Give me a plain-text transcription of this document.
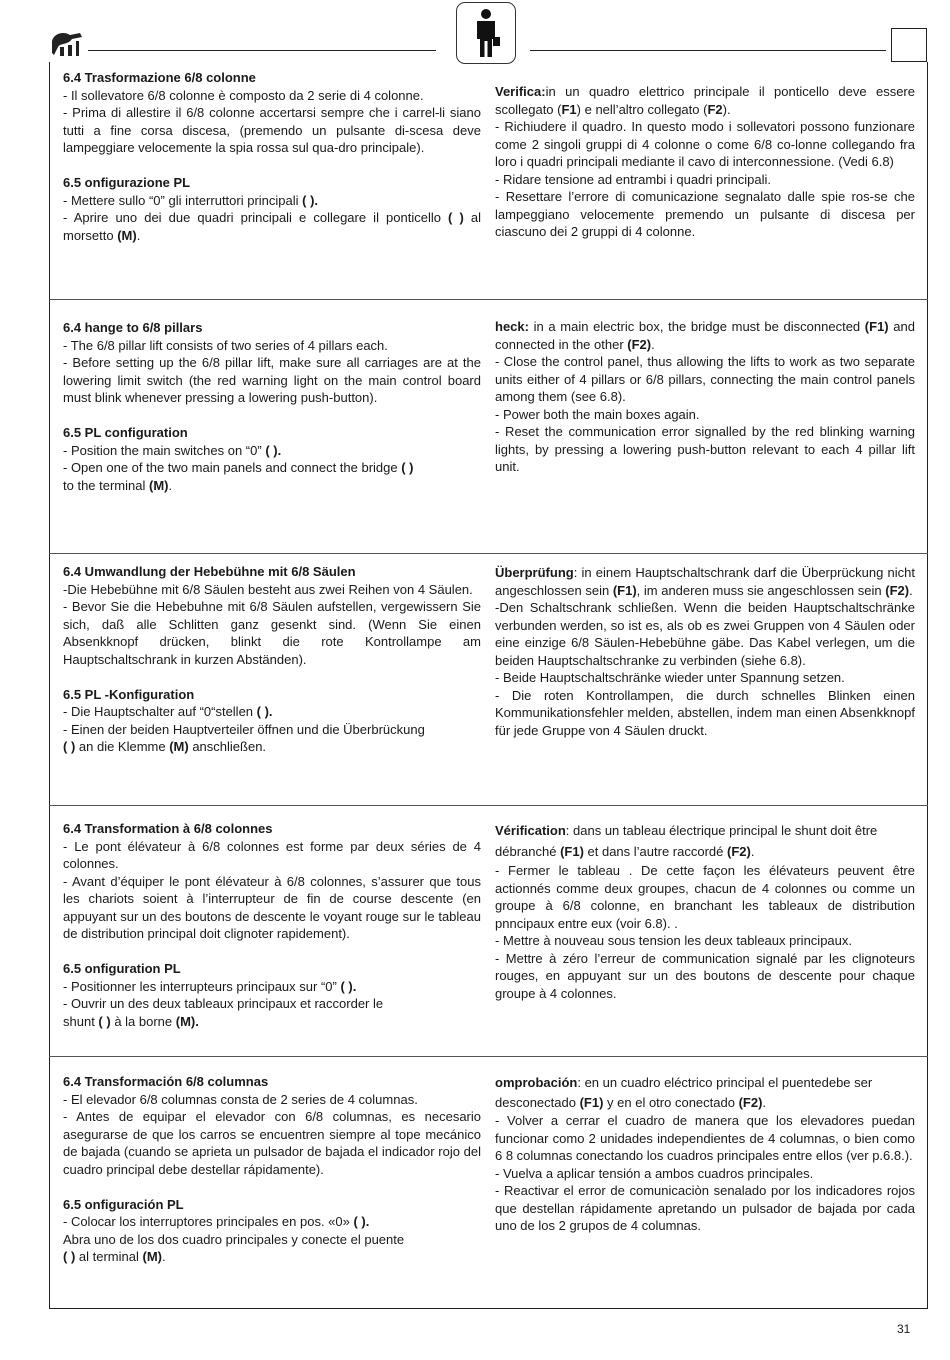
6.4 Trasformazione 6/8 colonne

- Il sollevatore 6/8 colonne è composto da 2 serie di 4 colonne.

- Prima di allestire il 6/8 colonne accertarsi sempre che i carrel-li siano tutti a fine corsa discesa, (premendo un pulsante di-scesa deve lampeggiare velocemente la spia rossa sul qua-dro principale).

6.5 onfigurazione PL

- Mettere sullo “0” gli interruttori principali ( ).

- Aprire uno dei due quadri principali e collegare il ponticello ( ) al morsetto (M).

Verifica:in un quadro elettrico principale il ponticello deve essere scollegato (F1) e nell’altro collegato (F2).

- Richiudere il quadro. In questo modo i sollevatori possono funzionare come 2 singoli gruppi di 4 colonne o come 6/8 co-lonne collegando fra loro i quadri principali mediante il cavo di interconnessione. (Vedi 6.8)

- Ridare tensione ad entrambi i quadri principali.

- Resettare l’errore di comunicazione segnalato dalle spie ros-se che lampeggiano velocemente premendo un pulsante di discesa per ciascuno dei 2 gruppi di 4 colonne.

6.4 hange to 6/8 pillars

- The 6/8 pillar lift consists of two series of 4 pillars each.

- Before setting up the 6/8 pillar lift, make sure all carriages are at the lowering limit switch (the red warning light on the main control board must blink whenever pressing a lowering push-button).

6.5 PL configuration

- Position the main switches on “0” ( ).

- Open one of the two main panels and connect the bridge ( )
to the terminal (M).

heck: in a main electric box, the bridge must be disconnected (F1) and connected in the other (F2).

- Close the control panel, thus allowing the lifts to work as two separate units either of 4 pillars or 6/8 pillars, connecting the main control panels among them (see 6.8).

- Power both the main boxes again.

- Reset the communication error signalled by the red blinking warning lights, by pressing a lowering push-button relevant to each 4 pillar lift unit.

6.4 Umwandlung der Hebebühne mit 6/8 Säulen

-Die Hebebühne mit 6/8 Säulen besteht aus zwei Reihen von 4 Säulen.

- Bevor Sie die Hebebuhne mit 6/8 Säulen aufstellen, vergewissern Sie sich, daß alle Schlitten ganz gesenkt sind. (Wenn Sie einen Absenkknopf drücken, blinkt die rote Kontrollampe am Hauptschaltschrank in kurzen Abständen).

6.5 PL -Konfiguration

- Die Hauptschalter auf “0“stellen ( ).

- Einen der beiden Hauptverteiler öffnen und die Überbrückung
( ) an die Klemme (M) anschließen.

Überprüfung: in einem Hauptschaltschrank darf die Überprückung nicht angeschlossen sein (F1), im anderen muss sie angeschlossen sein (F2).

-Den Schaltschrank schließen. Wenn die beiden Hauptschaltschränke verbunden werden, so ist es, als ob es zwei Gruppen von 4 Säulen oder eine einzige 6/8 Säulen-Hebebühne gäbe. Das Kabel verlegen, um die beiden Hauptschaltschranke zu verbinden (siehe 6.8).

- Beide Hauptschaltschränke wieder unter Spannung setzen.

- Die roten Kontrollampen, die durch schnelles Blinken einen Kommunikationsfehler melden, abstellen, indem man einen Absenkknopf für jede Gruppe von 4 Säulen druckt.

6.4 Transformation à 6/8 colonnes

- Le pont élévateur à 6/8 colonnes est forme par deux séries de 4 colonnes.

- Avant d’équiper le pont élévateur à 6/8 colonnes, s’assurer que tous les chariots soient à l’interrupteur de fin de course descente (en appuyant sur un des boutons de descente le voyant rouge sur le tableau de distribution principal doit clignoter rapidement).

6.5 onfiguration PL

- Positionner les interrupteurs principaux sur “0” ( ).

- Ouvrir un des deux tableaux principaux et raccorder le
shunt ( ) à la borne (M).

Vérification: dans un tableau électrique principal le shunt doit être débranché (F1) et dans l’autre raccordé (F2).

- Fermer le tableau . De cette façon les élévateurs peuvent être actionnés comme deux groupes, chacun de 4 colonnes ou comme un groupe à 6/8 colonne, en branchant les tableaux de distribution pnncipaux entre eux (voir 6.8). .

- Mettre à nouveau sous tension les deux tableaux principaux.

- Mettre à zéro l’erreur de communication signalé par les clignoteurs rouges, en appuyant sur un des boutons de descente pour chaque groupe à 4 colonnes.

6.4 Transformación 6/8 columnas

- El elevador 6/8 columnas consta de 2 series de 4 columnas.

- Antes de equipar el elevador con 6/8 columnas, es necesario asegurarse de que los carros se encuentren siempre al tope mecánico de bajada (cuando se aprieta un pulsador de bajada el indicador rojo del cuadro principal debe destellar rápidamente).

6.5 onfiguración PL

- Colocar los interruptores principales en pos. «0» ( ).

Abra uno de los dos cuadro principales y conecte el puente
( ) al terminal (M).

omprobación: en un cuadro eléctrico principal el puentedebe ser desconectado (F1) y en el otro conectado (F2).

- Volver a cerrar el cuadro de manera que los elevadores puedan funcionar como 2 unidades independientes de 4 columnas, o bien como 6 8 columnas conectando los cuadros principales entre ellos (ver p.6.8.).

- Vuelva a aplicar tensión a ambos cuadros principales.

- Reactivar el error de comunicaciòn senalado por los indicadores rojos que destellan rápidamente apretando un pulsador de bajada por cada uno de los 2 grupos de 4 columnas.

31
